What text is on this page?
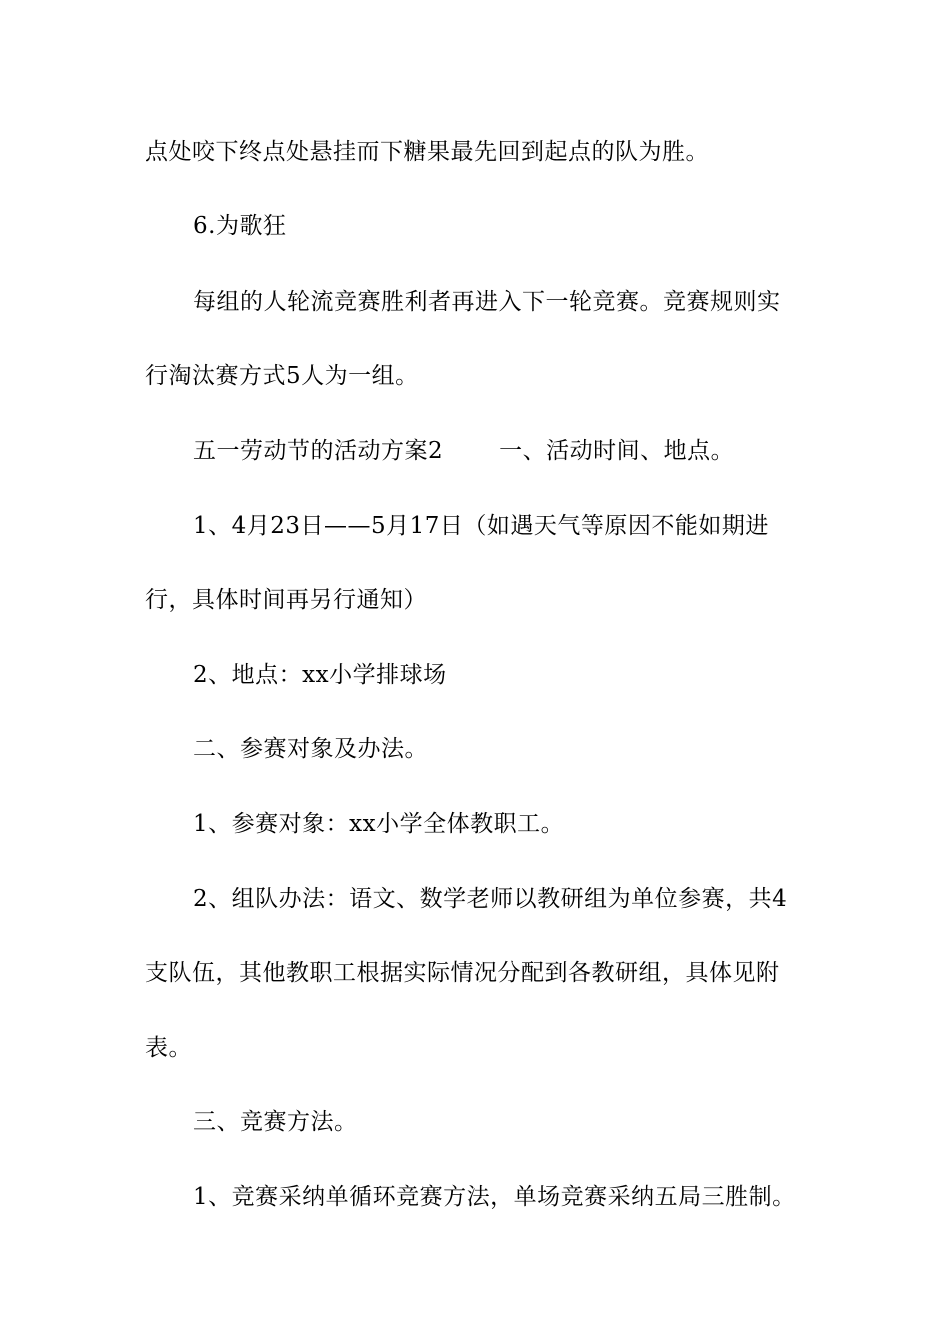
点处咬下终点处悬挂而下糖果最先回到起点的队为胜。
6.为歌狂
每组的人轮流竞赛胜利者再进入下一轮竞赛。竞赛规则实
行淘汰赛方式5人为一组。
五一劳动节的活动方案2 一、活动时间、地点。
1、4月23日——5月17日（如遇天气等原因不能如期进
行，具体时间再另行通知）
2、地点：xx小学排球场
二、参赛对象及办法。
1、参赛对象：xx小学全体教职工。
2、组队办法：语文、数学老师以教研组为单位参赛，共4
支队伍，其他教职工根据实际情况分配到各教研组，具体见附
表。
三、竞赛方法。
1、竞赛采纳单循环竞赛方法，单场竞赛采纳五局三胜制。
